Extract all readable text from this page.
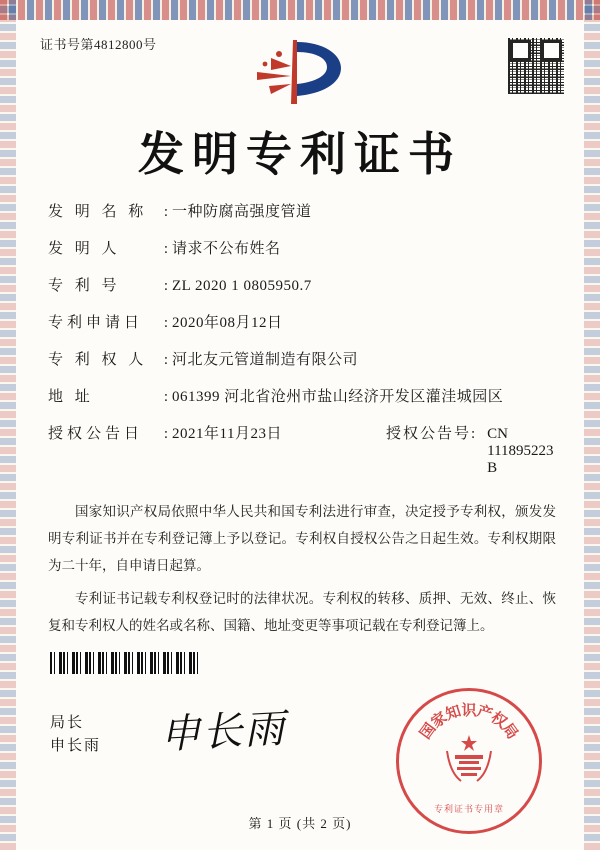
证书号第4812800号
发明专利证书
发 明 名 称	: 一种防腐高强度管道
发 明 人	: 请求不公布姓名
专 利 号	: ZL 2020 1 0805950.7
专利申请日	: 2020年08月12日
专 利 权 人	: 河北友元管道制造有限公司
地 址	: 061399 河北省沧州市盐山经济开发区灌洼城园区
授权公告日	: 2021年11月23日	授权公告号: CN 111895223 B

国家知识产权局依照中华人民共和国专利法进行审查，决定授予专利权，颁发发明专利证书并在专利登记簿上予以登记。专利权自授权公告之日起生效。专利权期限为二十年，自申请日起算。

专利证书记载专利权登记时的法律状况。专利权的转移、质押、无效、终止、恢复和专利权人的姓名或名称、国籍、地址变更等事项记载在专利登记簿上。

局长
申长雨 申长雨	国
家
知
识
产
权
局
专利证书专用章
第 1 页 (共 2 页)
